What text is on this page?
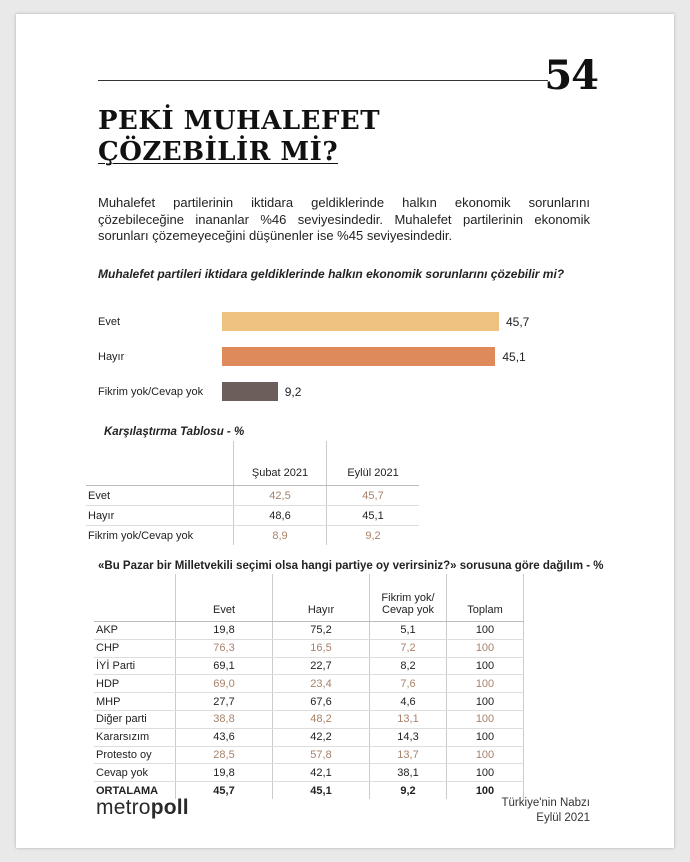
54
PEKİ MUHALEFET
ÇÖZEBİLİR Mİ?

Muhalefet partilerinin iktidara geldiklerinde halkın ekonomik sorunlarını çözebileceğine inananlar %46 seviyesindedir. Muhalefet partilerinin ekonomik sorunları çözemeyeceğini düşünenler ise %45 seviyesindedir.

Muhalefet partileri iktidara geldiklerinde halkın ekonomik sorunlarını çözebilir mi?

Evet	45,7
Hayır	45,1
Fikrim yok/Cevap yok	9,2

Karşılaştırma Tablosu - %

	Şubat 2021	Eylül 2021
Evet	42,5	45,7
Hayır	48,6	45,1
Fikrim yok/Cevap yok	8,9	9,2

«Bu Pazar bir Milletvekili seçimi olsa hangi partiye oy verirsiniz?» sorusuna göre dağılım - %

	Evet	Hayır	Fikrim yok/
Cevap yok	Toplam
AKP	19,8	75,2	5,1	100
CHP	76,3	16,5	7,2	100
İYİ Parti	69,1	22,7	8,2	100
HDP	69,0	23,4	7,6	100
MHP	27,7	67,6	4,6	100
Diğer parti	38,8	48,2	13,1	100
Kararsızım	43,6	42,2	14,3	100
Protesto oy	28,5	57,8	13,7	100
Cevap yok	19,8	42,1	38,1	100
ORTALAMA	45,7	45,1	9,2	100
metropoll	Türkiye'nin Nabzı
Eylül 2021
